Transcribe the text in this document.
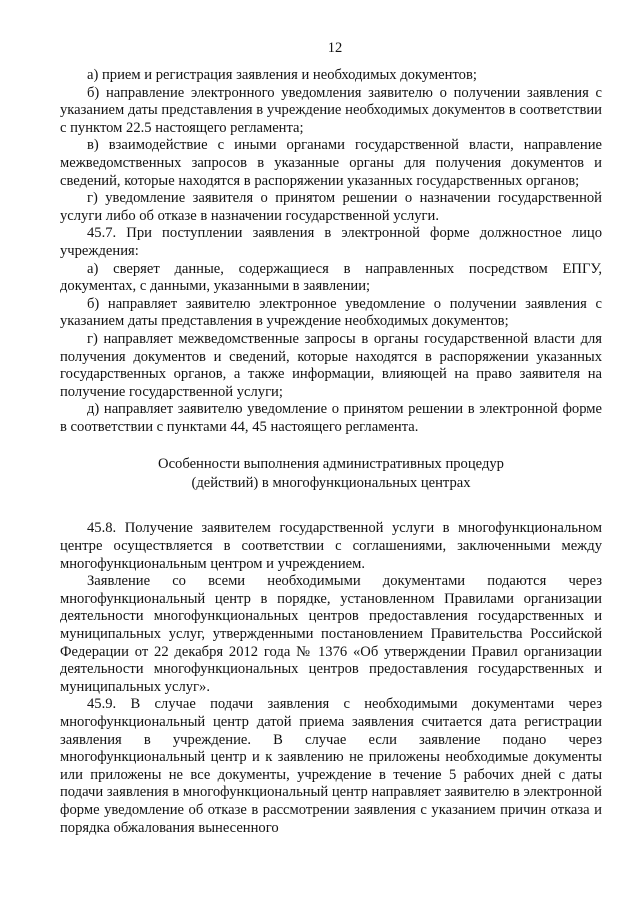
12

а) прием и регистрация заявления и необходимых документов;

б) направление электронного уведомления заявителю о получении заявления с указанием даты представления в учреждение необходимых документов в соответствии с пунктом 22.5 настоящего регламента;

в) взаимодействие с иными органами государственной власти, направление межведомственных запросов в указанные органы для получения документов и сведений, которые находятся в распоряжении указанных государственных органов;

г) уведомление заявителя о принятом решении о назначении государственной услуги либо об отказе в назначении государственной услуги.

45.7. При поступлении заявления в электронной форме должностное лицо учреждения:

а) сверяет данные, содержащиеся в направленных посредством ЕПГУ, документах, с данными, указанными в заявлении;

б) направляет заявителю электронное уведомление о получении заявления с указанием даты представления в учреждение необходимых документов;

г) направляет межведомственные запросы в органы государственной власти для получения документов и сведений, которые находятся в распоряжении указанных государственных органов, а также информации, влияющей на право заявителя на получение государственной услуги;

д) направляет заявителю уведомление о принятом решении в электронной форме в соответствии с пунктами 44, 45 настоящего регламента.

Особенности выполнения административных процедур
(действий) в многофункциональных центрах

45.8. Получение заявителем государственной услуги в многофункциональном центре осуществляется в соответствии с соглашениями, заключенными между многофункциональным центром и учреждением.

Заявление со всеми необходимыми документами подаются через многофункциональный центр в порядке, установленном Правилами организации деятельности многофункциональных центров предоставления государственных и муниципальных услуг, утвержденными постановлением Правительства Российской Федерации от 22 декабря 2012 года № 1376 «Об утверждении Правил организации деятельности многофункциональных центров предоставления государственных и муниципальных услуг».

45.9. В случае подачи заявления с необходимыми документами через многофункциональный центр датой приема заявления считается дата регистрации заявления в учреждение. В случае если заявление подано через многофункциональный центр и к заявлению не приложены необходимые документы или приложены не все документы, учреждение в течение 5 рабочих дней с даты подачи заявления в многофункциональный центр направляет заявителю в электронной форме уведомление об отказе в рассмотрении заявления с указанием причин отказа и порядка обжалования вынесенного
